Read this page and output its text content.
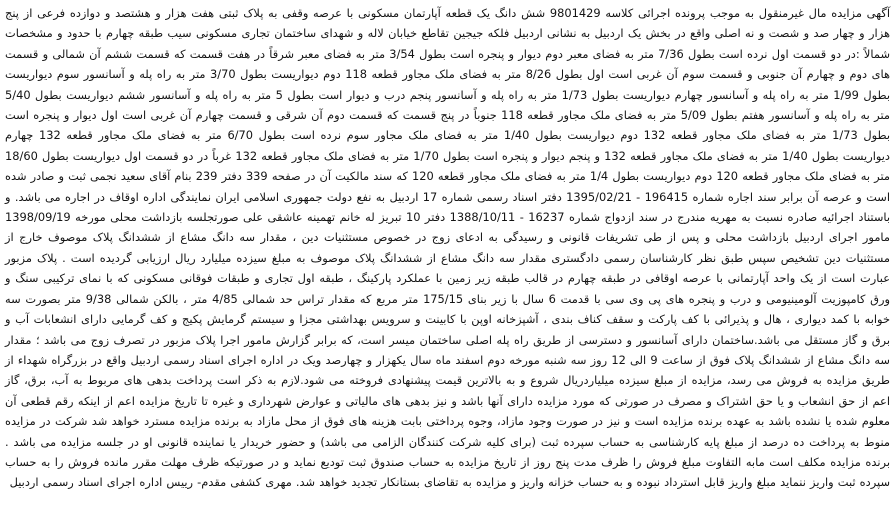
آگهی مزایده مال غیرمنقول به موجب پرونده اجرائی کلاسه 9801429 شش دانگ یک قطعه آپارتمان مسکونی با عرصه وقفی به پلاک ثبتی هفت هزار و هشتصد و دوازده فرعی از پنج هزار و چهار صد و شصت و نه اصلی واقع در بخش یک اردبیل به نشانی اردبیل فلکه جیجین تقاطع خیابان لاله و شهدای ساختمان تجاری مسکونی سیب طبقه چهارم با حدود و مشخصات شمالاً :در دو قسمت اول نرده است بطول 7/36 متر به فضای معبر دوم دیوار و پنجره است بطول 3/54 متر به فضای معبر شرقاً در هفت قسمت که قسمت ششم آن شمالی و قسمت های دوم و چهارم آن جنوبی و قسمت سوم آن غربی است اول بطول 8/26 متر به فضای ملک مجاور قطعه 118 دوم دیواریست بطول 3/70 متر به راه پله و آسانسور سوم دیواریست بطول 1/99 متر به راه پله و آسانسور چهارم دیواریست بطول 1/73 متر به راه پله و آسانسور پنجم درب و دیوار است بطول 5 متر به راه پله و آسانسور ششم دیواریست بطول 5/40 متر به راه پله و آسانسور هفتم بطول 5/09 متر به فضای ملک مجاور قطعه 118 جنوباً در پنج قسمت که قسمت دوم آن شرقی و قسمت چهارم آن غربی است اول دیوار و پنجره است بطول 1/73 متر به فضای ملک مجاور قطعه 132 دوم دیواریست بطول 1/40 متر به فضای ملک مجاور سوم نرده است بطول 6/70 متر به فضای ملک مجاور قطعه 132 چهارم دیواریست بطول 1/40 متر به فضای ملک مجاور قطعه 132 و پنجم دیوار و پنجره است بطول 1/70 متر به فضای ملک مجاور قطعه 132 غرباً در دو قسمت اول دیواریست بطول 18/60 متر به فضای ملک مجاور قطعه 120 دوم دیواریست بطول 1/4 متر به فضای ملک مجاور قطعه 120 که سند مالکیت آن در صفحه 339 دفتر 239 بنام آقای سعید نجمی ثبت و صادر شده است و عرصه آن برابر سند اجاره شماره 196415 - 1395/02/21 دفتر اسناد رسمی شماره 17 اردبیل به نفع دولت جمهوری اسلامی ایران نمایندگی اداره اوقاف در اجاره می باشد. و باستناد اجرائیه صادره نسبت به مهریه مندرج در سند ازدواج شماره 16237 - 1388/10/11 دفتر 10 تبریز له خانم تهمینه عاشقی علی صورتجلسه بازداشت محلی مورخه 1398/09/19 مامور اجرای اردبیل بازداشت محلی و پس از طی تشریفات قانونی و رسیدگی به ادعای زوج در خصوص مستثنیات دین ، مقدار سه دانگ مشاع از ششدانگ پلاک موصوف خارج از مستثنیات دین تشخیص سپس طبق نظر کارشناسان رسمی دادگستری مقدار سه دانگ مشاع از ششدانگ پلاک موصوف به مبلغ سیزده میلیارد ریال ارزیابی گردیده است . پلاک مزبور عبارت است از یک واحد آپارتمانی با عرصه اوقافی در طبقه چهارم در قالب طبقه زیر زمین با عملکرد پارکینگ ، طبقه اول تجاری و طبقات فوقانی مسکونی که با نمای ترکیبی سنگ و ورق کامپوزیت آلومینیومی و درب و پنجره های پی وی سی با قدمت 6 سال با زیر بنای 175/15 متر مربع که مقدار تراس حد شمالی 4/85 متر ، بالکن شمالی 9/38 متر بصورت سه خوابه با کمد دیواری ، هال و پذیرائی با کف پارکت و سقف کناف بندی ، آشپزخانه اوپن با کابینت و سرویس بهداشتی مجزا و سیستم گرمایش پکیج و کف گرمایی دارای انشعابات آب و برق و گاز مستقل می باشد.ساختمان دارای آسانسور و دسترسی از طریق راه پله اصلی ساختمان میسر است، که برابر گزارش مامور اجرا پلاک مزبور در تصرف زوج می باشد ؛ مقدار سه دانگ مشاع از ششدانگ پلاک فوق از ساعت 9 الی 12 روز سه شنبه مورخه دوم اسفند ماه سال یکهزار و چهارصد ویک در اداره اجرای اسناد رسمی اردبیل واقع در بزرگراه شهداء از طریق مزایده به فروش می رسد، مزایده از مبلغ سیزده میلیاردریال شروع و به بالاترین قیمت پیشنهادی فروخته می شود.لازم به ذکر است پرداخت بدهی های مربوط به آب، برق، گاز اعم از حق انشعاب و یا حق اشتراک و مصرف در صورتی که مورد مزایده دارای آنها باشد و نیز بدهی های مالیاتی و عوارض شهرداری و غیره تا تاریخ مزایده اعم از اینکه رقم قطعی آن معلوم شده یا نشده باشد به عهده برنده مزایده است و نیز در صورت وجود مازاد، وجوه پرداختی بابت هزینه های فوق از محل مازاد به برنده مزایده مسترد خواهد شد شرکت در مزایده منوط به پرداخت ده درصد از مبلغ پایه کارشناسی به حساب سپرده ثبت (برای کلیه شرکت کنندگان الزامی می باشد) و حضور خریدار یا نماینده قانونی او در جلسه مزایده می باشد . برنده مزایده مکلف است مابه التفاوت مبلغ فروش را ظرف مدت پنج روز از تاریخ مزایده به حساب صندوق ثبت تودیع نماید و در صورتیکه ظرف مهلت مقرر مانده فروش را به حساب سپرده ثبت واریز ننماید مبلغ واریز قابل استرداد نبوده و به حساب خزانه واریز و مزایده به تقاضای بستانکار تجدید خواهد شد. مهری کشفی مقدم- رییس اداره اجرای اسناد رسمی اردبیل
